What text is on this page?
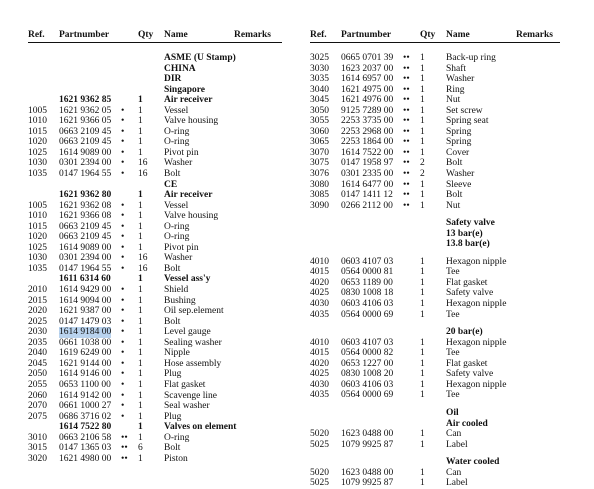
Ref. Partnumber	Qty Name	Remarks
ASME (U Stamp)
CHINA
DIR
Singapore
1621 9362 85	1 Air receiver
1005 1621 9362 05 • 1 Vessel
1010 1621 9366 05 • 1 Valve housing
1015 0663 2109 45 • 1 O-ring
1020 0663 2109 45 • 1 O-ring
1025 1614 9089 00 • 1 Pivot pin
1030 0301 2394 00 • 16 Washer
1035 0147 1964 55 • 16 Bolt
CE
1621 9362 80	1 Air receiver
1005 1621 9362 08 • 1 Vessel
1010 1621 9366 08 • 1 Valve housing
1015 0663 2109 45 • 1 O-ring
1020 0663 2109 45 • 1 O-ring
1025 1614 9089 00 • 1 Pivot pin
1030 0301 2394 00 • 16 Washer
1035 0147 1964 55 • 16 Bolt
1611 6314 60	1 Vessel ass'y
2010 1614 9429 00 • 1 Shield
2015 1614 9094 00 • 1 Bushing
2020 1621 9387 00 • 1 Oil sep.element
2025 0147 1479 03 • 1 Bolt
2030 1614 9184 00 • 1 Level gauge
2035 0661 1038 00 • 1 Sealing washer
2040 1619 6249 00 • 1 Nipple
2045 1621 9144 00 • 1 Hose assembly
2050 1614 9146 00 • 1 Plug
2055 0653 1100 00 • 1 Flat gasket
2060 1614 9142 00 • 1 Scavenge line
2070 0661 1000 27 • 1 Seal washer
2075 0686 3716 02 • 1 Plug
1614 7522 80	1 Valves on element
3010 0663 2106 58 •• 1 O-ring
3015 0147 1365 03 •• 6 Bolt
3020 1621 4980 00 •• 1 Piston
Ref. Partnumber	Qty Name	Remarks
3025 0665 0701 39 •• 1 Back-up ring
3030 1623 2037 00 •• 1 Shaft
3035 1614 6957 00 •• 1 Washer
3040 1621 4975 00 •• 1 Ring
3045 1621 4976 00 •• 1 Nut
3050 9125 7289 00 •• 1 Set screw
3055 2253 3735 00 •• 1 Spring seat
3060 2253 2968 00 •• 1 Spring
3065 2253 1864 00 •• 1 Spring
3070 1614 7522 00 •• 1 Cover
3075 0147 1958 97 •• 2 Bolt
3076 0301 2335 00 •• 2 Washer
3080 1614 6477 00 •• 1 Sleeve
3085 0147 1411 12 •• 1 Bolt
3090 0266 2112 00 •• 1 Nut
Safety valve
13 bar(e)
13.8 bar(e)
4010 0603 4107 03	1 Hexagon nipple
4015 0564 0000 81	1 Tee
4020 0653 1189 00	1 Flat gasket
4025 0830 1008 18	1 Safety valve
4030 0603 4106 03	1 Hexagon nipple
4035 0564 0000 69	1 Tee
20 bar(e)
4010 0603 4107 03	1 Hexagon nipple
4015 0564 0000 82	1 Tee
4020 0653 1227 00	1 Flat gasket
4025 0830 1008 20	1 Safety valve
4030 0603 4106 03	1 Hexagon nipple
4035 0564 0000 69	1 Tee
Oil
Air cooled
5020 1623 0488 00	1 Can
5025 1079 9925 87	1 Label
Water cooled
5020 1623 0488 00	1 Can
5025 1079 9925 87	1 Label
